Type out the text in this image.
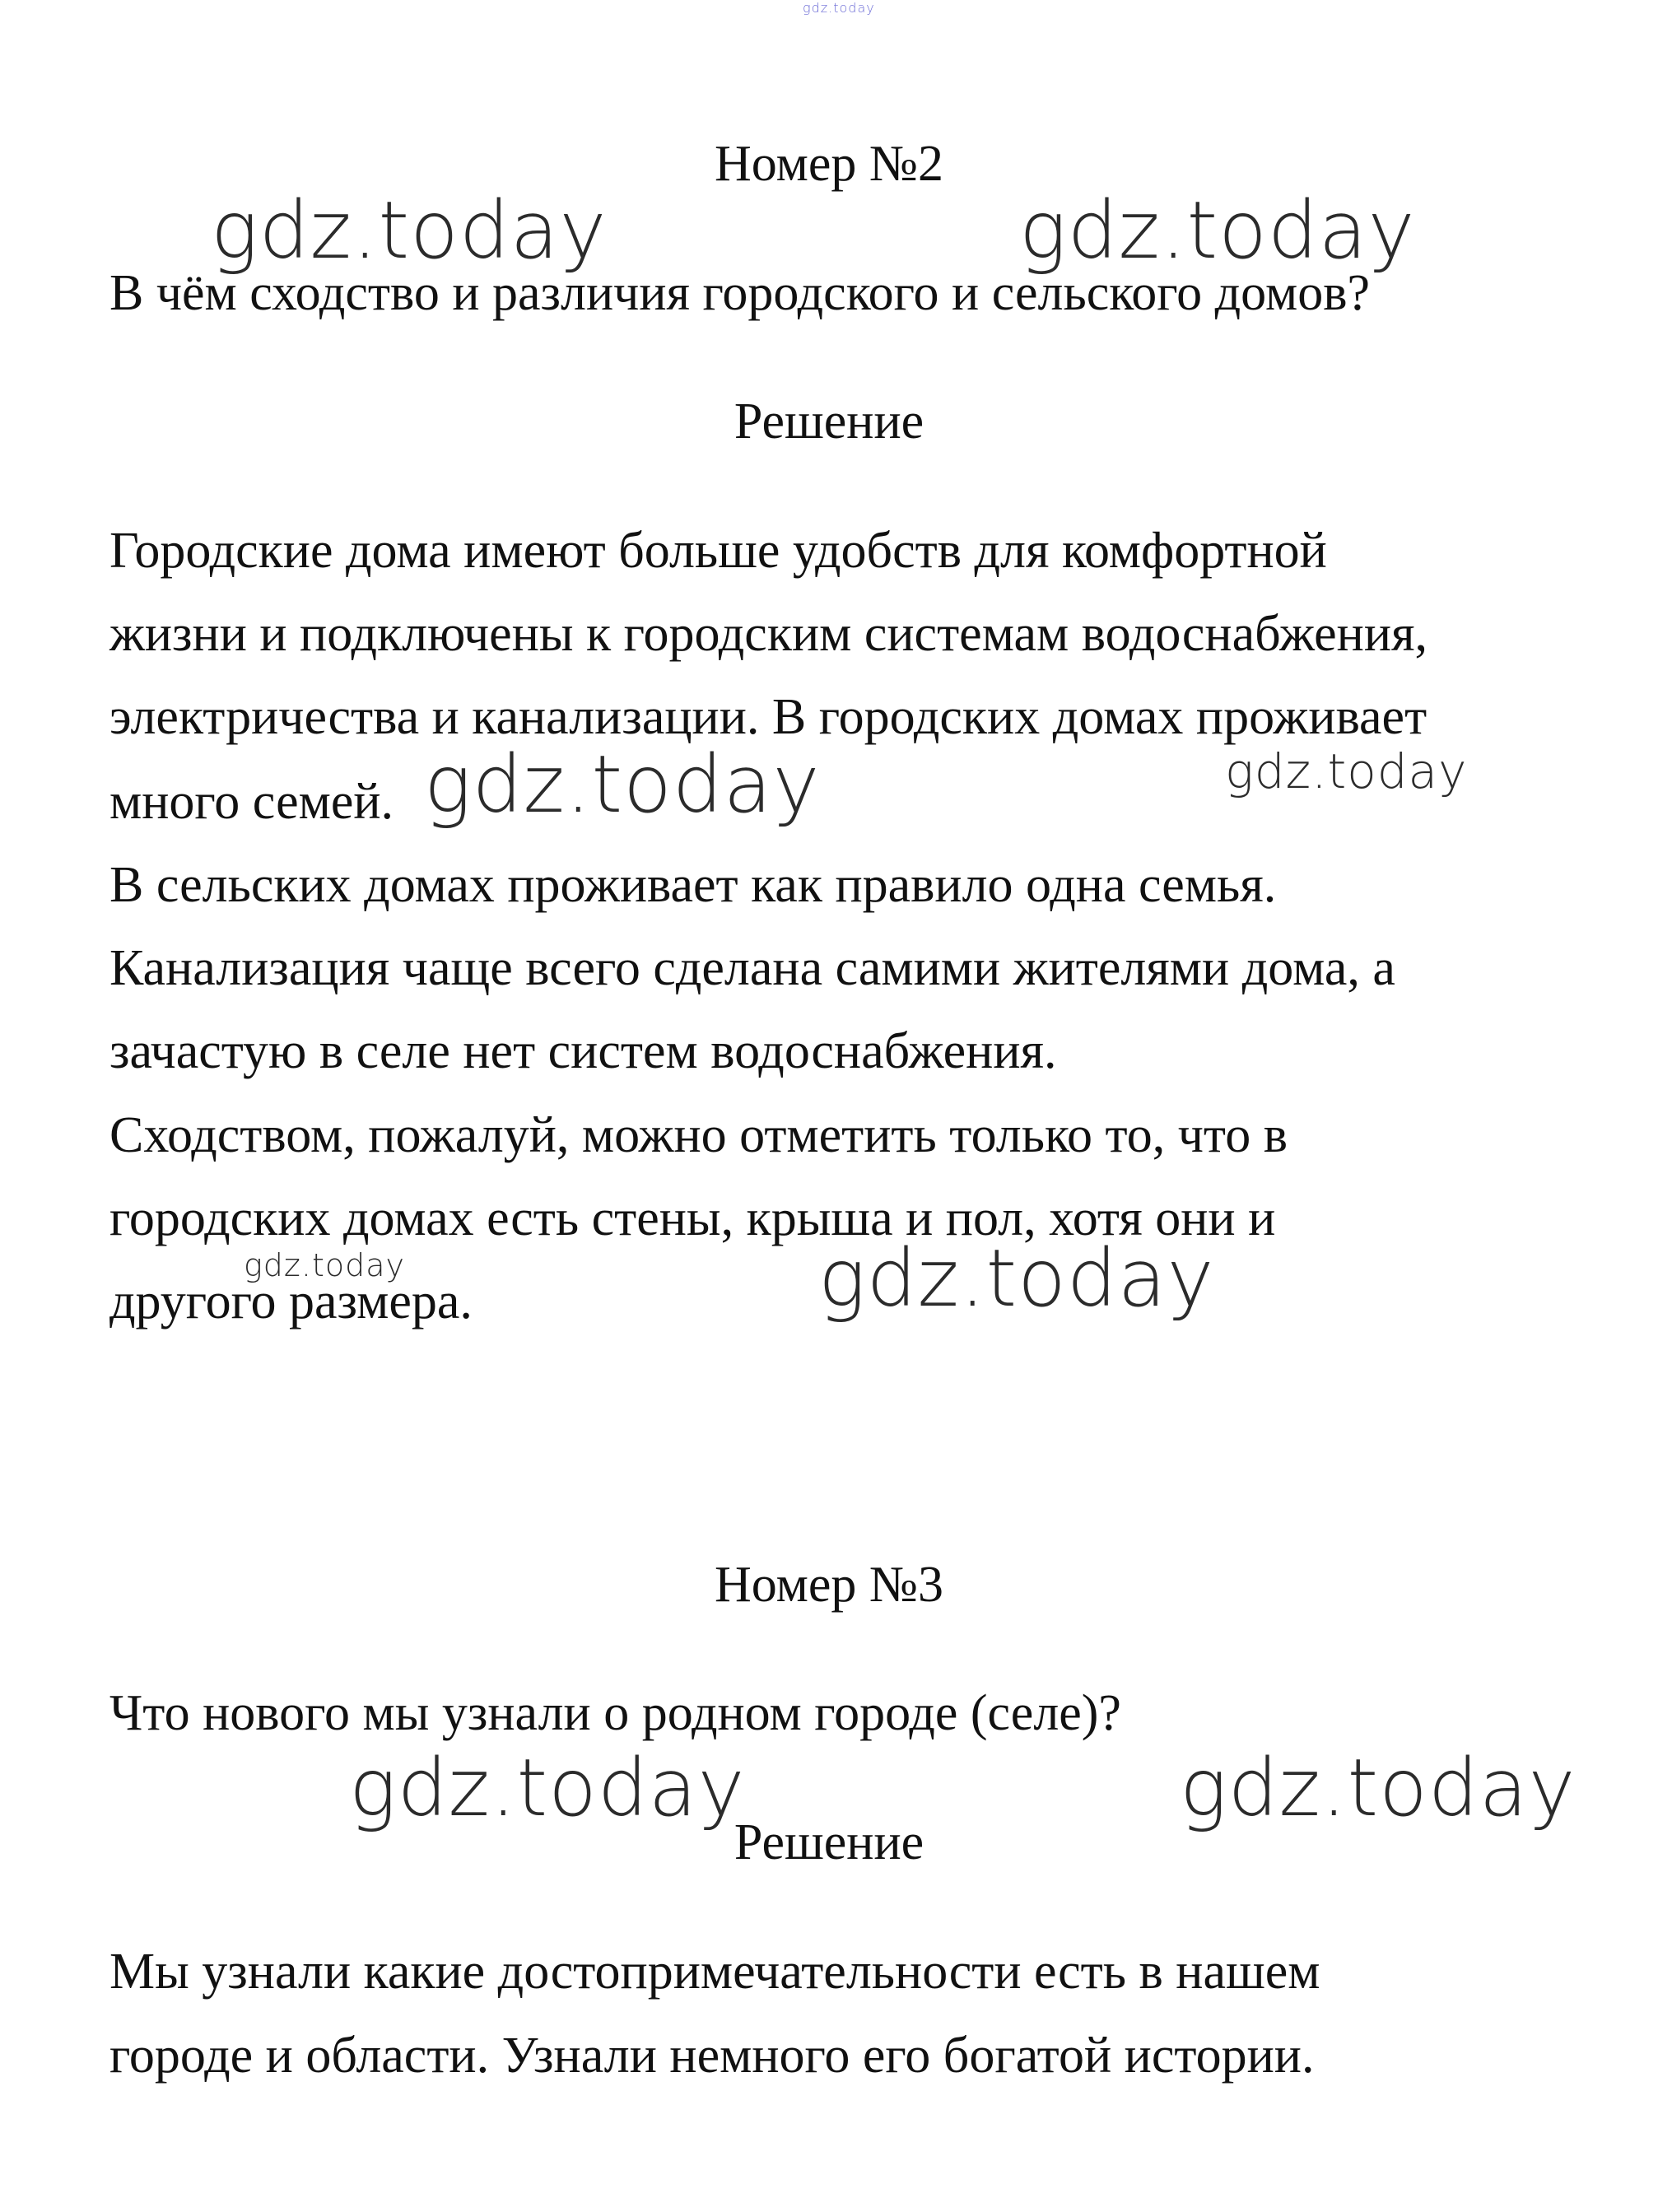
gdz.today
Номер №2
В чём сходство и различия городского и сельского домов?
Решение
Городские дома имеют больше удобств для комфортной
жизни и подключены к городским системам водоснабжения,
электричества и канализации. В городских домах проживает
много семей.
В сельских домах проживает как правило одна семья.
Канализация чаще всего сделана самими жителями дома, а
зачастую в селе нет систем водоснабжения.
Сходством, пожалуй, можно отметить только то, что в
городских домах есть стены, крыша и пол, хотя они и
другого размера.
Номер №3
Что нового мы узнали о родном городе (селе)?
Решение
Мы узнали какие достопримечательности есть в нашем
городе и области. Узнали немного его богатой истории.
gdz.today	gdz.today
gdz.today	gdz.today
gdz.today	gdz.today
gdz.today	gdz.today
